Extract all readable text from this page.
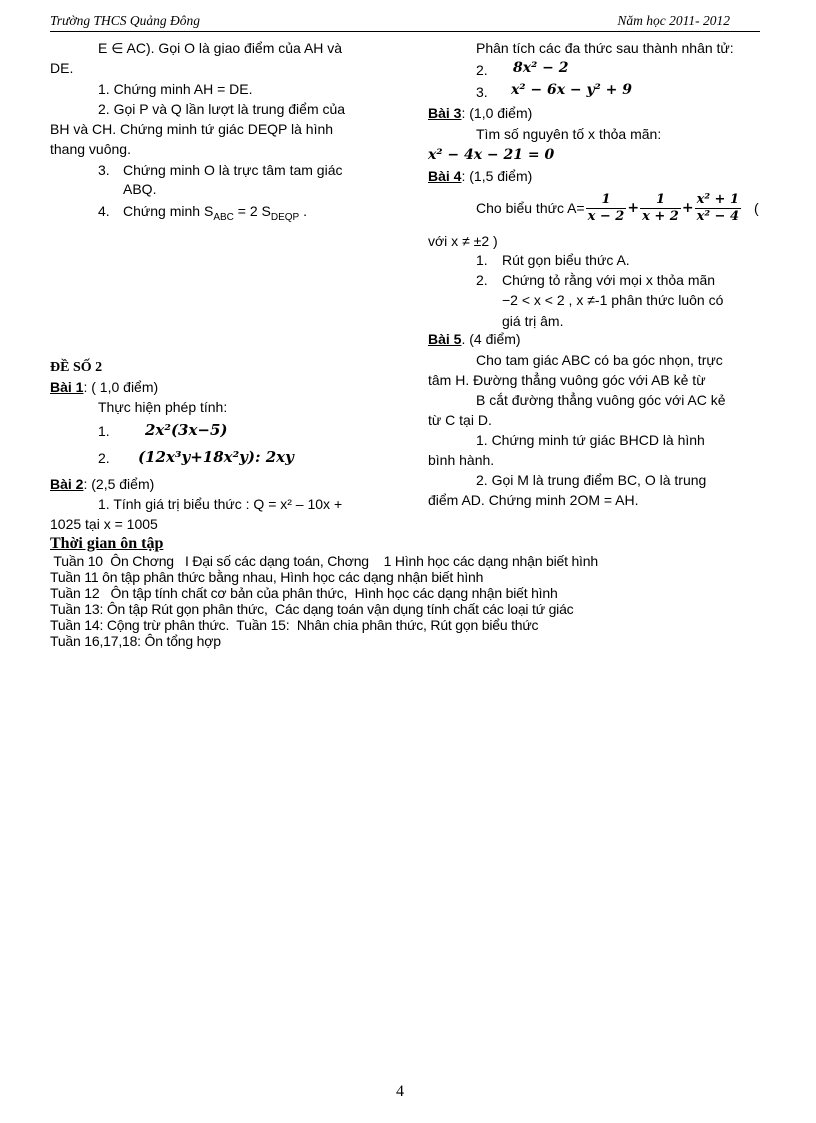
Trường THCS Quảng Đông	Năm học 2011- 2012
E ∈ AC). Gọi O là giao điểm của AH và
DE.
1. Chứng minh AH = DE.
2. Gọi P và Q lần lượt là trung điểm của
BH và CH. Chứng minh tứ giác DEQP là hình
thang vuông.
3. Chứng minh O là trực tâm tam giác
ABQ.
4. Chứng minh $S_{ABC} = 2$ $S_{DEQP}$ .
ĐỀ SỐ 2
Bài 1: ( 1,0 điểm)
Thực hiện phép tính:
1. 2x²(3x−5)
2. (12x³y+18x²y): 2xy
Bài 2: (2,5 điểm)
1. Tính giá trị biểu thức : Q = x² – 10x +
1025 tại x = 1005
Phân tích các đa thức sau thành nhân tử:
2. 8x² − 2
3. x² − 6x − y² + 9
Bài 3: (1,0 điểm)
Tìm số nguyên tố x thỏa mãn:
x² − 4x − 21 = 0
Bài 4: (1,5 điểm)
Cho biểu thức $A= \frac{1}{x - 2} + \frac{1}{x + 2} + \frac{\text{x² + 1}}{\text{x² − 4}}$ (
với x ≠ ±2 )
1. Rút gọn biểu thức A.
2. Chứng tỏ rằng với mọi x thỏa mãn
−2 < x < 2 , x ≠-1 phân thức luôn có
giá trị âm.
Bài 5. (4 điểm)
Cho tam giác ABC có ba góc nhọn, trực
tâm H. Đường thẳng vuông góc với AB kẻ từ
B cắt đường thẳng vuông góc với AC kẻ
từ C tại D.
1. Chứng minh tứ giác BHCD là hình
bình hành.
2. Gọi M là trung điểm BC, O là trung
điểm AD. Chứng minh 2OM = AH.
Thời gian ôn tập
Tuần 10  Ôn Chơng   I Đại số các dạng toán, Chơng    1 Hình học các dạng nhận biết hình
Tuần 11 ôn tập phân thức bằng nhau, Hình học các dạng nhận biết hình
Tuần 12   Ôn tập tính chất cơ bản của phân thức,  Hình học các dạng nhận biết hình
Tuần 13: Ôn tập Rút gọn phân thức,  Các dạng toán vận dụng tính chất các loại tứ giác
Tuần 14: Cộng trừ phân thức.  Tuần 15:  Nhân chia phân thức, Rút gọn biểu thức
Tuần 16,17,18: Ôn tổng hợp
4
